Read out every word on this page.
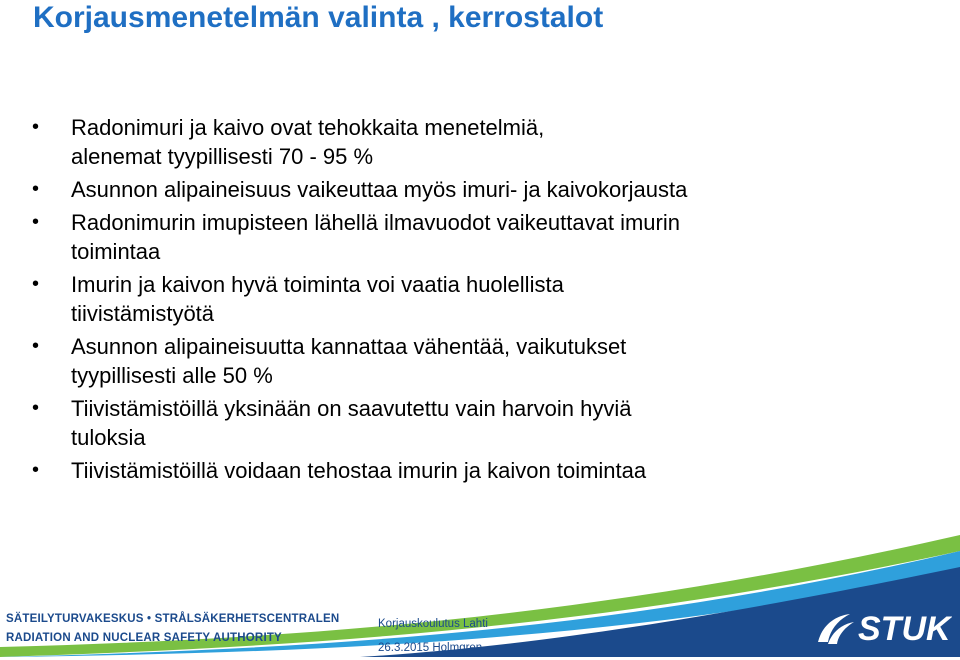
Korjausmenetelmän valinta , kerrostalot
• Radonimuri ja kaivo ovat tehokkaita menetelmiä,
alenemat tyypillisesti 70 - 95 %
• Asunnon alipaineisuus vaikeuttaa myös imuri- ja kaivokorjausta
• Radonimurin imupisteen lähellä ilmavuodot vaikeuttavat imurin
toimintaa
• Imurin ja kaivon hyvä toiminta voi vaatia huolellista
tiivistämistyötä
• Asunnon alipaineisuutta kannattaa vähentää, vaikutukset
tyypillisesti alle 50 %
• Tiivistämistöillä yksinään on saavutettu vain harvoin hyviä
tuloksia
• Tiivistämistöillä voidaan tehostaa imurin ja kaivon toimintaa
SÄTEILYTURVAKESKUS • STRÅLSÄKERHETSCENTRALEN
RADIATION AND NUCLEAR SAFETY AUTHORITY
Korjauskoulutus Lahti
26.3.2015 Holmgren	STUK
